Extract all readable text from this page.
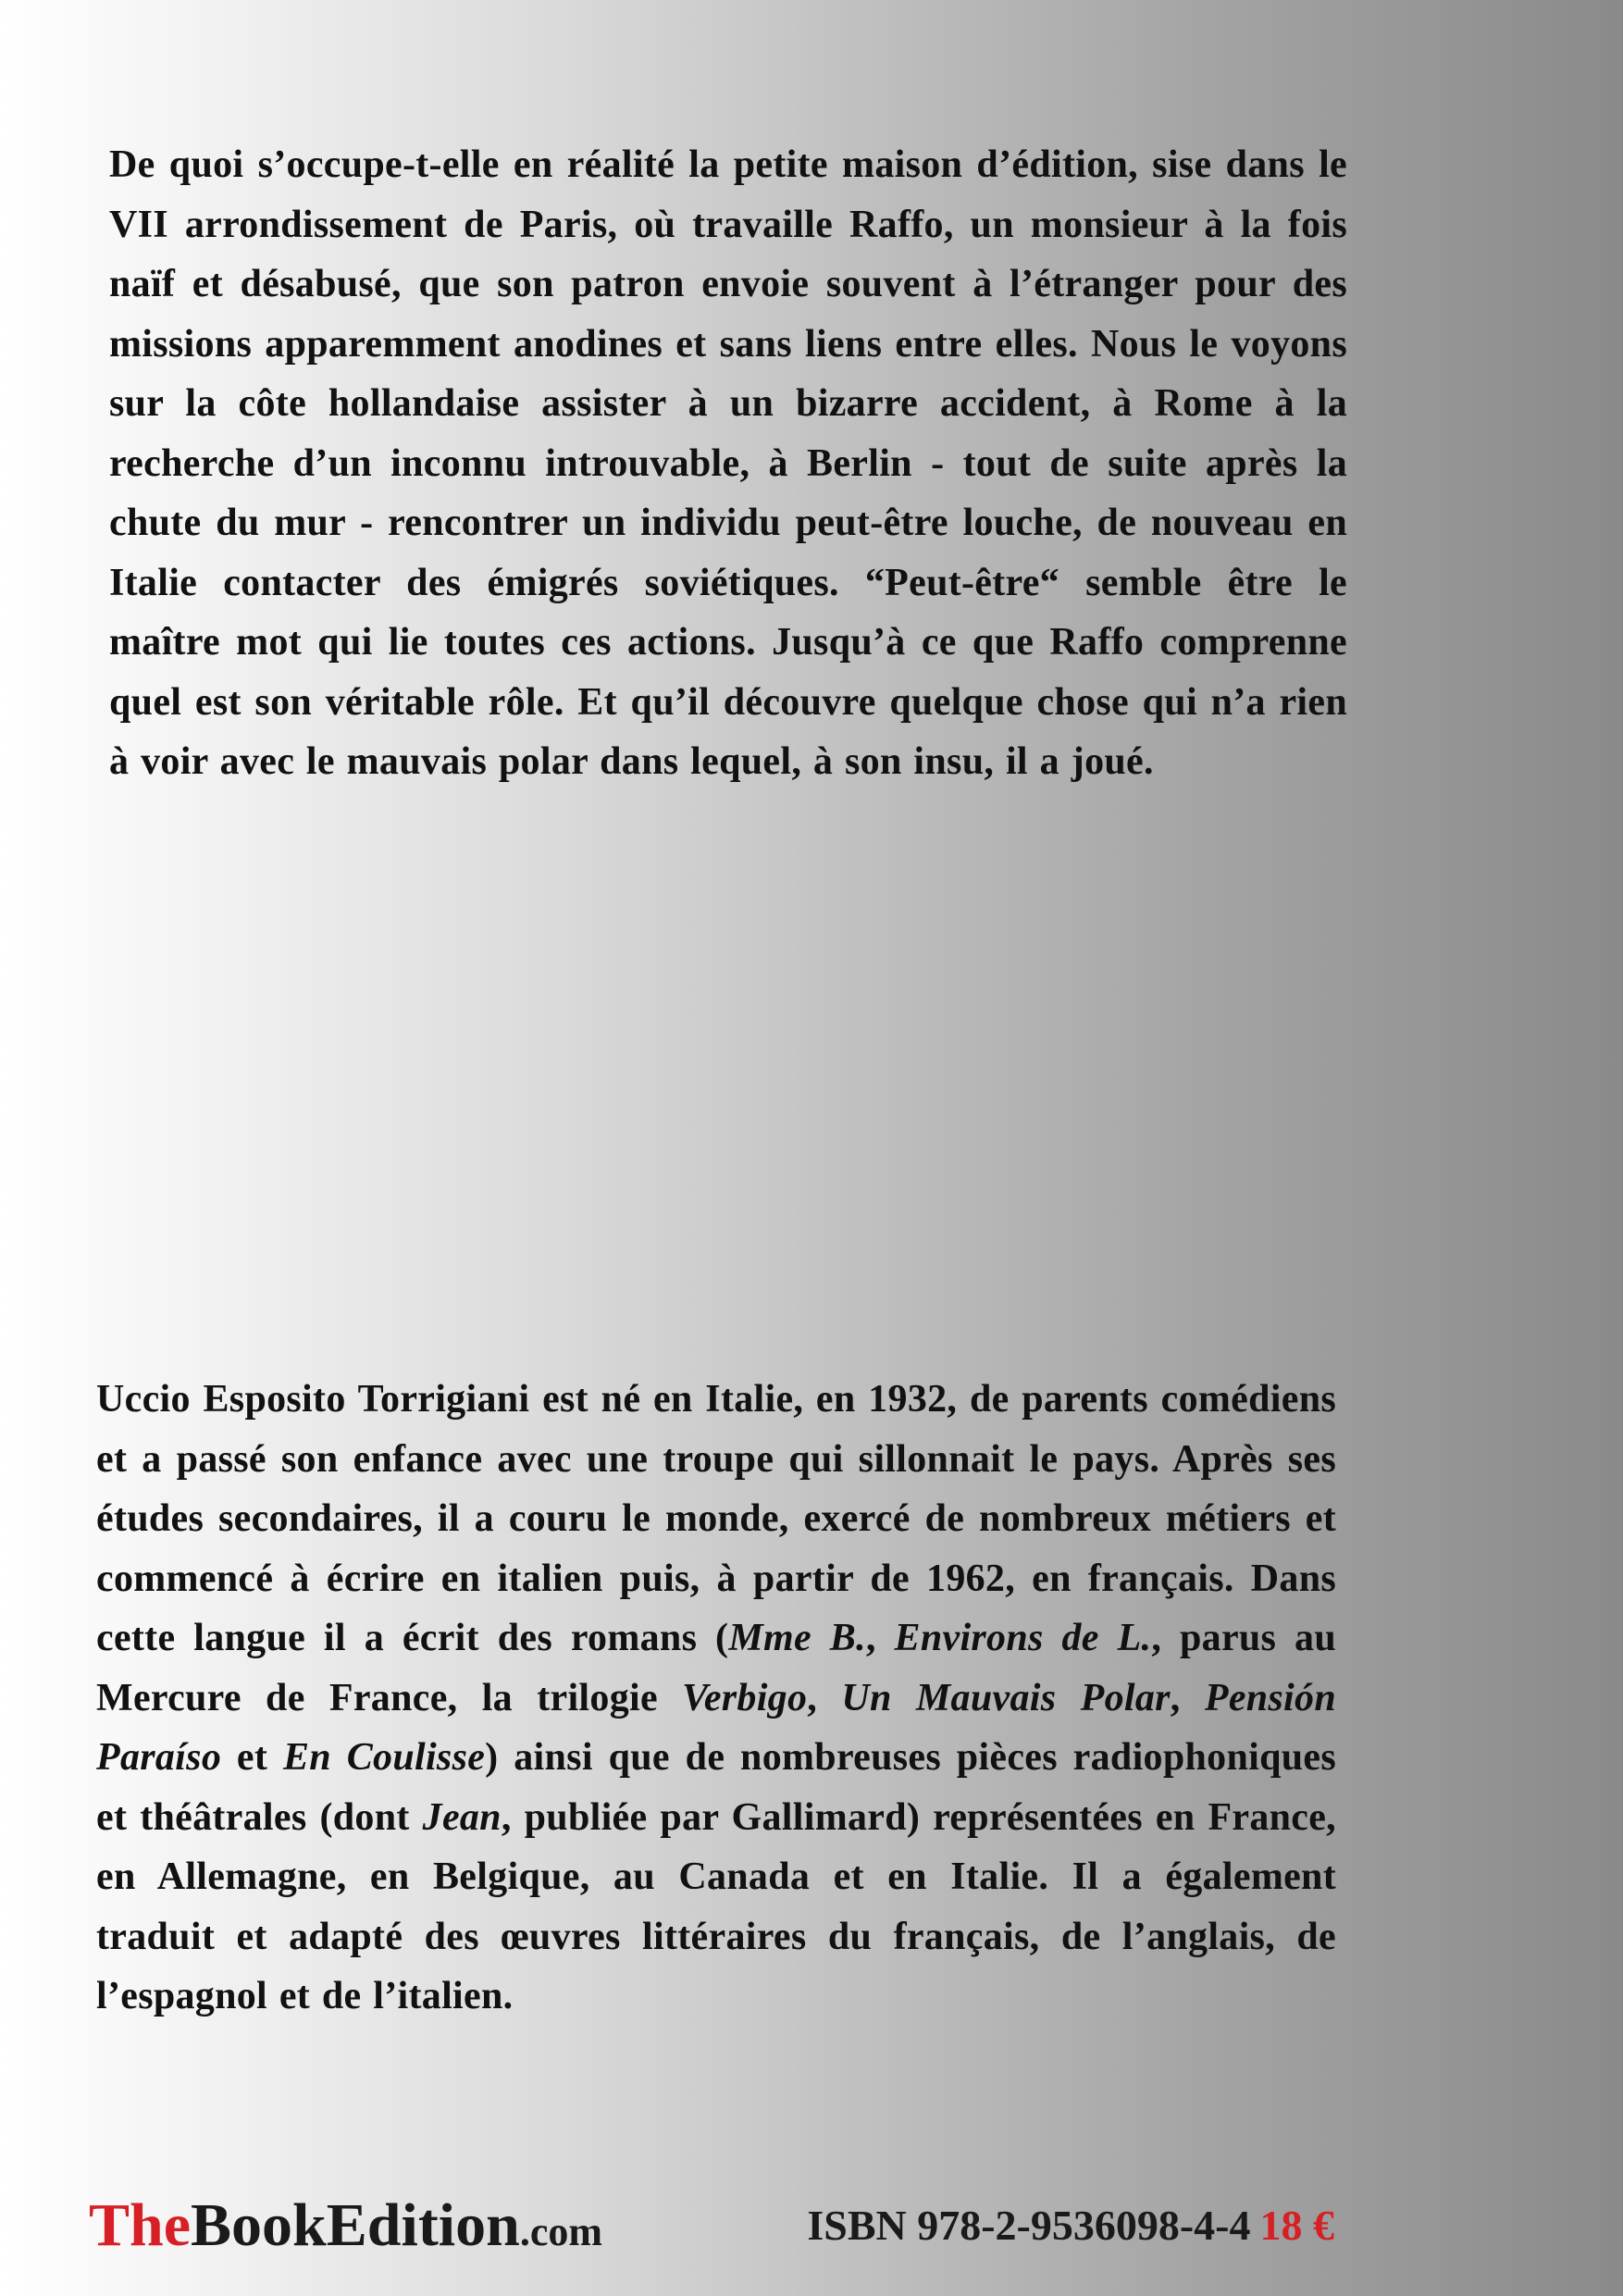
De quoi s’occupe-t-elle en réalité la petite maison d’édition, sise dans le VII arrondissement de Paris, où travaille Raffo, un monsieur à la fois naïf et désabusé, que son patron envoie souvent à l’étranger pour des missions apparemment anodines et sans liens entre elles. Nous le voyons sur la côte hollandaise assister à un bizarre accident, à Rome à la recherche d’un inconnu introuvable, à Berlin - tout de suite après la chute du mur - rencontrer un individu peut-être louche, de nouveau en Italie contacter des émigrés soviétiques. “Peut-être“ semble être le maître mot qui lie toutes ces actions. Jusqu’à ce que Raffo comprenne quel est son véritable rôle. Et qu’il découvre quelque chose qui n’a rien à voir avec le mauvais polar dans lequel, à son insu, il a joué.

Uccio Esposito Torrigiani est né en Italie, en 1932, de parents comédiens et a passé son enfance avec une troupe qui sillonnait le pays. Après ses études secondaires, il a couru le monde, exercé de nombreux métiers et commencé à écrire en italien puis, à partir de 1962, en français. Dans cette langue il a écrit des romans (Mme B., Environs de L., parus au Mercure de France, la trilogie Verbigo, Un Mauvais Polar, Pensión Paraíso et En Coulisse) ainsi que de nombreuses pièces radiophoniques et théâtrales (dont Jean, publiée par Gallimard) représentées en France, en Allemagne, en Belgique, au Canada et en Italie. Il a également traduit et adapté des œuvres littéraires du français, de l’anglais, de l’espagnol et de l’italien.

TheBookEdition.com	ISBN 978-2-9536098-4-4 18 €
